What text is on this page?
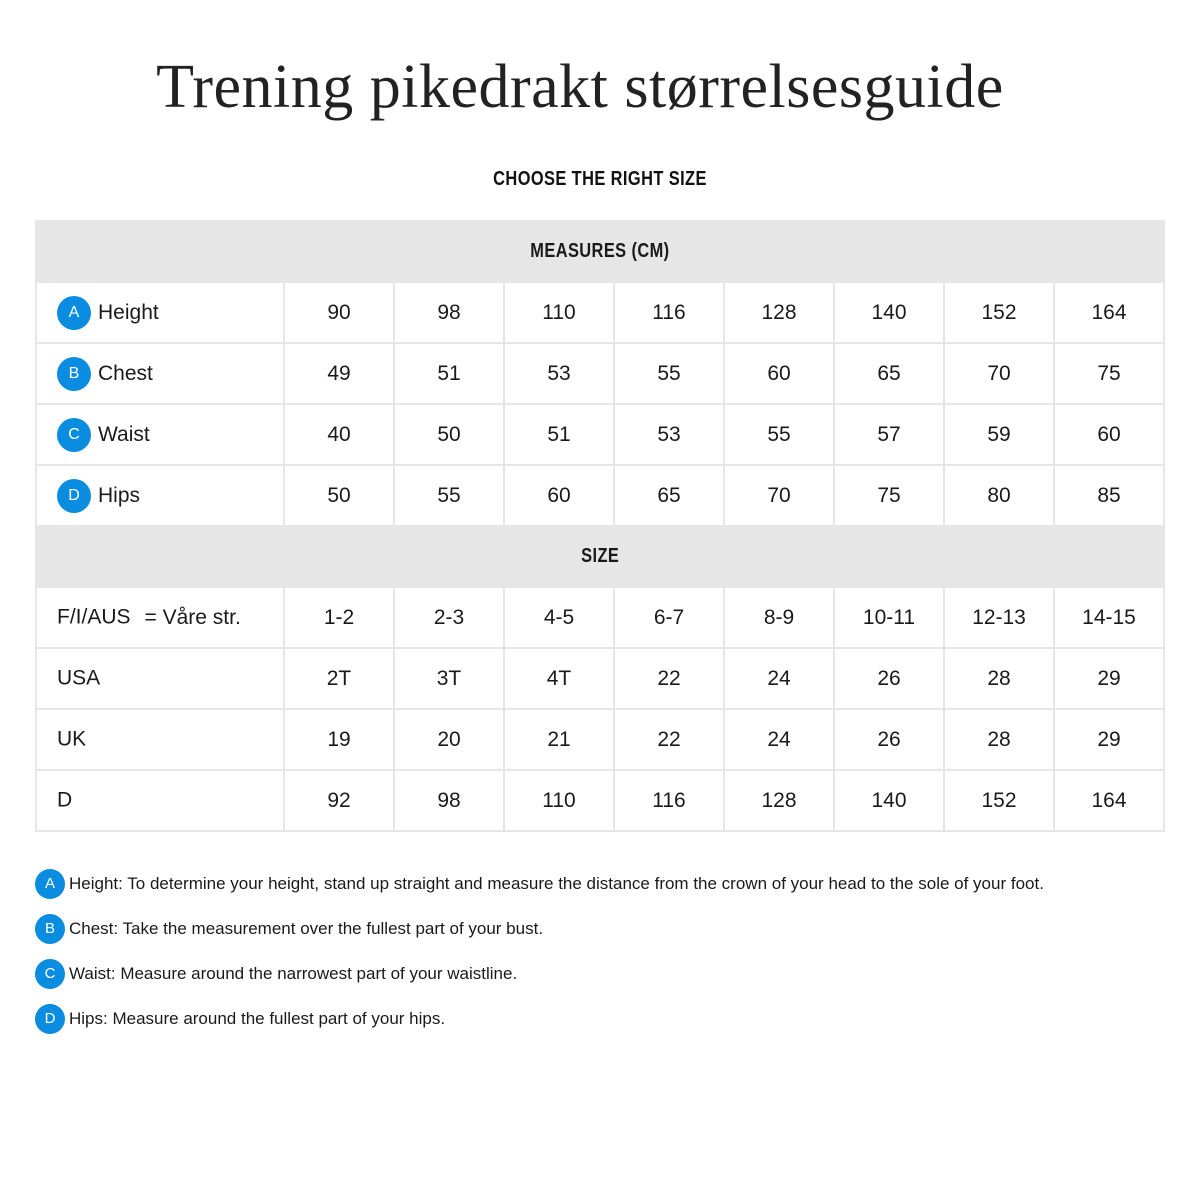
Trening pikedrakt størrelsesguide
CHOOSE THE RIGHT SIZE
MEASURES (CM)								
A Height	90	98	110	116	128	140	152	164
B Chest	49	51	53	55	60	65	70	75
C Waist	40	50	51	53	55	57	59	60
D Hips	50	55	60	65	70	75	80	85
SIZE								
F/I/AUS = Våre str.	1-2	2-3	4-5	6-7	8-9	10-11	12-13	14-15
USA	2T	3T	4T	22	24	26	28	29
UK	19	20	21	22	24	26	28	29
D	92	98	110	116	128	140	152	164
A Height: To determine your height, stand up straight and measure the distance from the crown of your head to the sole of your foot.
B Chest: Take the measurement over the fullest part of your bust.
C Waist: Measure around the narrowest part of your waistline.
D Hips: Measure around the fullest part of your hips.
